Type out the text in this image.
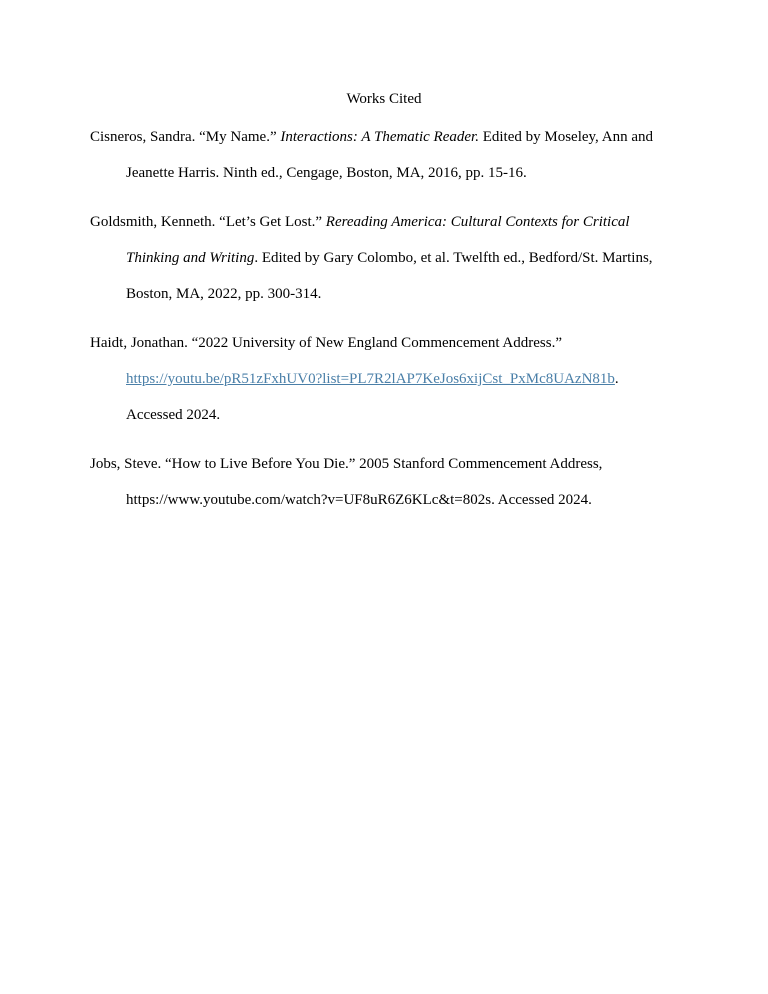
Works Cited

Cisneros, Sandra. “My Name.” Interactions: A Thematic Reader. Edited by Moseley, Ann and
Jeanette Harris. Ninth ed., Cengage, Boston, MA, 2016, pp. 15-16.

Goldsmith, Kenneth. “Let’s Get Lost.” Rereading America: Cultural Contexts for Critical
Thinking and Writing. Edited by Gary Colombo, et al. Twelfth ed., Bedford/St. Martins,
Boston, MA, 2022, pp. 300-314.

Haidt, Jonathan. “2022 University of New England Commencement Address.”
https://youtu.be/pR51zFxhUV0?list=PL7R2lAP7KeJos6xijCst_PxMc8UAzN81b.
Accessed 2024.

Jobs, Steve. “How to Live Before You Die.” 2005 Stanford Commencement Address,
https://www.youtube.com/watch?v=UF8uR6Z6KLc&t=802s. Accessed 2024.
